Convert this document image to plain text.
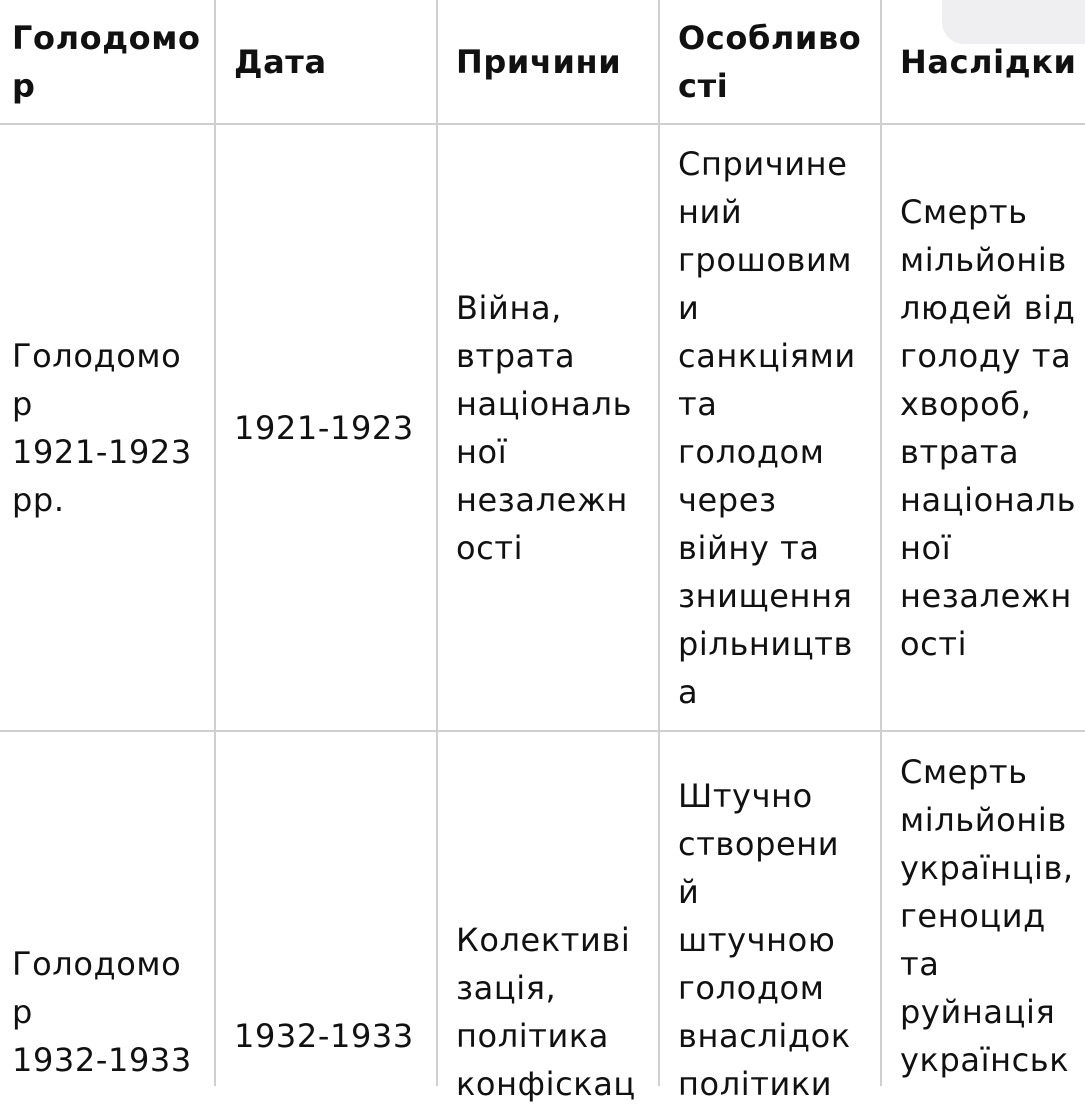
Голодомо
р
Дата	Причини
Особливо
сті
Наслідки
Голодомо
р
1921-1923
рр.
1921-1923
Війна,
втрата
національ
ної
незалежн
ості
Спричине
ний
грошовим
и
санкціями
та
голодом
через
війну та
знищення
рільництв
а
Смерть
мільйонів
людей від
голоду та
хвороб,
втрата
національ
ної
незалежн
ості
Голодомо
р
1932-1933
1932-1933
Колективі
зація,
політика
конфіскац
Штучно
створени
й
штучною
голодом
внаслідок
політики
Смерть
мільйонів
українців,
геноцид
та
руйнація
українськ
